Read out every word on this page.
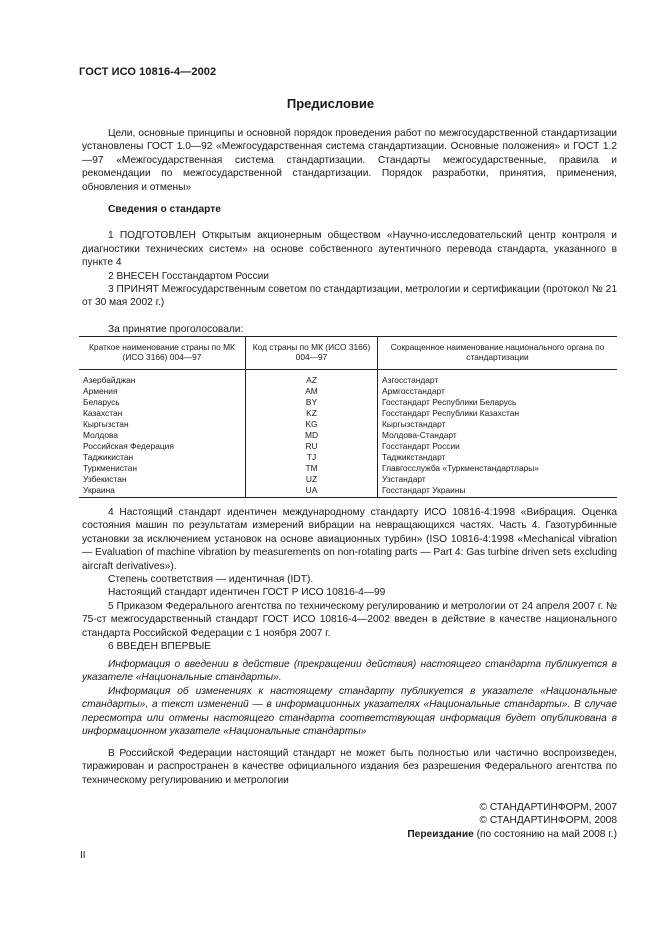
ГОСТ ИСО 10816-4—2002
Предисловие

Цели, основные принципы и основной порядок проведения работ по межгосударственной стандартизации установлены ГОСТ 1.0—92 «Межгосударственная система стандартизации. Основные положения» и ГОСТ 1.2—97 «Межгосударственная система стандартизации. Стандарты межгосударственные, правила и рекомендации по межгосударственной стандартизации. Порядок разработки, принятия, применения, обновления и отмены»

Сведения о стандарте

1 ПОДГОТОВЛЕН Открытым акционерным обществом «Научно-исследовательский центр контроля и диагностики технических систем» на основе собственного аутентичного перевода стандарта, указанного в пункте 4

2 ВНЕСЕН Госстандартом России

3 ПРИНЯТ Межгосударственным советом по стандартизации, метрологии и сертификации (протокол № 21 от 30 мая 2002 г.)

За принятие проголосовали:

Краткое наименование страны по МК (ИСО 3166) 004—97	Код страны по МК (ИСО 3166) 004—97	Сокращенное наименование национального органа по стандартизации
Азербайджан	AZ	Азгосстандарт
Армения	AM	Армгосстандарт
Беларусь	BY	Госстандарт Республики Беларусь
Казахстан	KZ	Госстандарт Республики Казахстан
Кыргызстан	KG	Кыргызстандарт
Молдова	MD	Молдова-Стандарт
Российская Федерация	RU	Госстандарт России
Таджикистан	TJ	Таджикстандарт
Туркменистан	TM	Главгосслужба «Туркменстандартлары»
Узбекистан	UZ	Узстандарт
Украина	UA	Госстандарт Украины

4 Настоящий стандарт идентичен международному стандарту ИСО 10816-4:1998 «Вибрация. Оценка состояния машин по результатам измерений вибрации на невращающихся частях. Часть 4. Газотурбинные установки за исключением установок на основе авиационных турбин» (ISO 10816-4:1998 «Mechanical vibration — Evaluation of machine vibration by measurements on non-rotating parts — Part 4: Gas turbine driven sets excluding aircraft derivatives»).

Степень соответствия — идентичная (IDT).

Настоящий стандарт идентичен ГОСТ Р ИСО 10816-4—99

5 Приказом Федерального агентства по техническому регулированию и метрологии от 24 апреля 2007 г. № 75-ст межгосударственный стандарт ГОСТ ИСО 10816-4—2002 введен в действие в качестве национального стандарта Российской Федерации с 1 ноября 2007 г.

6 ВВЕДЕН ВПЕРВЫЕ

Информация о введении в действие (прекращении действия) настоящего стандарта публикуется в указателе «Национальные стандарты».

Информация об изменениях к настоящему стандарту публикуется в указателе «Национальные стандарты», а текст изменений — в информационных указателях «Национальные стандарты». В случае пересмотра или отмены настоящего стандарта соответствующая информация будет опубликована в информационном указателе «Национальные стандарты»

В Российской Федерации настоящий стандарт не может быть полностью или частично воспроизведен, тиражирован и распространен в качестве официального издания без разрешения Федерального агентства по техническому регулированию и метрологии

© СТАНДАРТИНФОРМ, 2007

© СТАНДАРТИНФОРМ, 2008

Переиздание (по состоянию на май 2008 г.)

II
